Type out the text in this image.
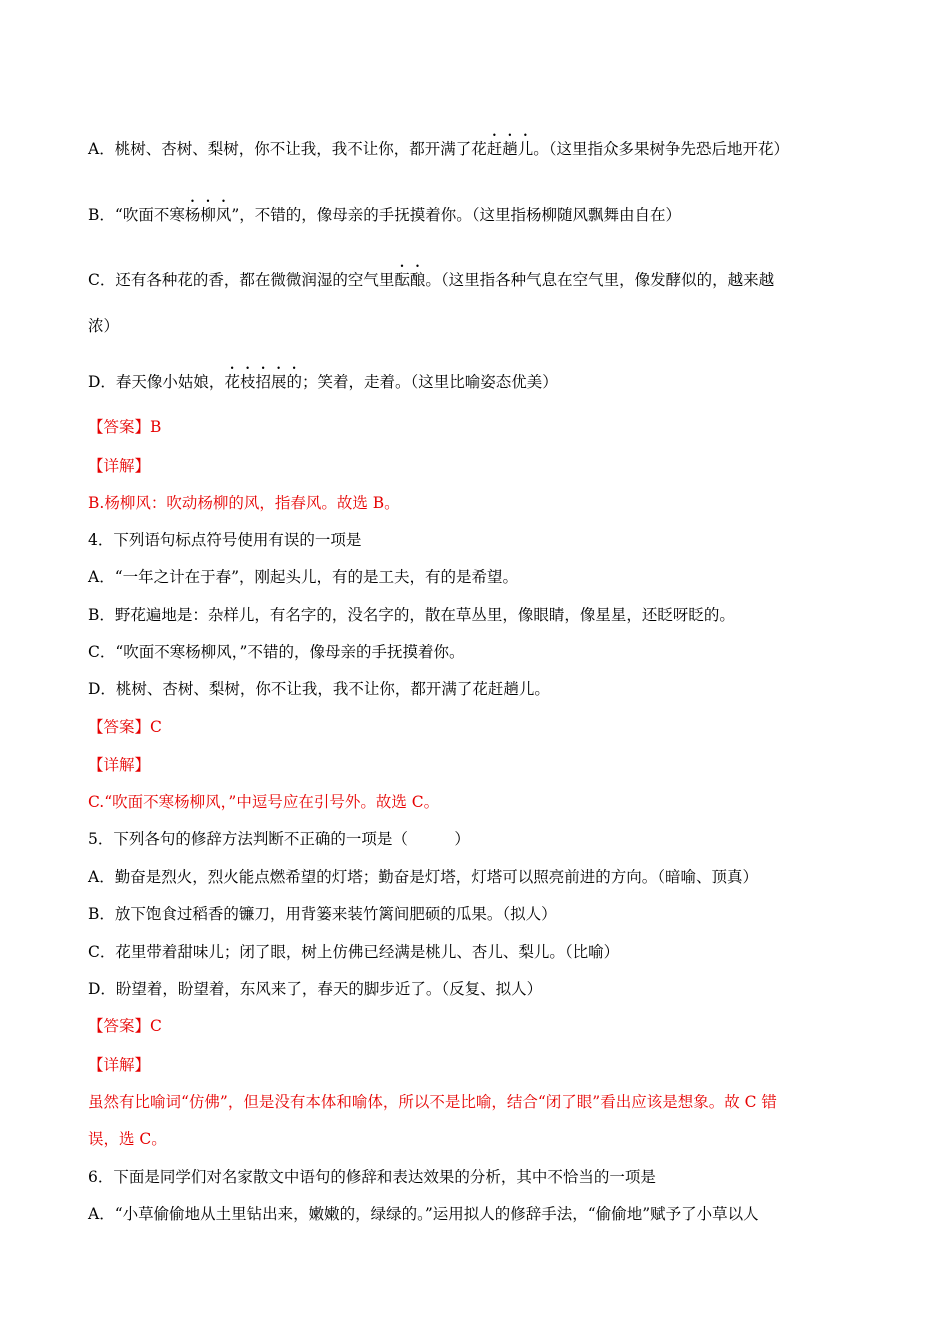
A．桃树、杏树、梨树，你不让我，我不让你，都开满了花赶趟儿。（这里指众多果树争先恐后地开花）
B．“吹面不寒杨柳风”，不错的，像母亲的手抚摸着你。（这里指杨柳随风飘舞由自在）
C．还有各种花的香，都在微微润湿的空气里酝酿。（这里指各种气息在空气里，像发酵似的，越来越
浓）
D．春天像小姑娘，花枝招展的；笑着，走着。（这里比喻姿态优美）
【答案】B
【详解】
B.杨柳风：吹动杨柳的风，指春风。故选 B。
4．下列语句标点符号使用有误的一项是
A．“一年之计在于春”，刚起头儿，有的是工夫，有的是希望。
B．野花遍地是：杂样儿，有名字的，没名字的，散在草丛里，像眼睛，像星星，还眨呀眨的。
C．“吹面不寒杨柳风，”不错的，像母亲的手抚摸着你。
D．桃树、杏树、梨树，你不让我，我不让你，都开满了花赶趟儿。
【答案】C
【详解】
C.“吹面不寒杨柳风，”中逗号应在引号外。故选 C。
5．下列各句的修辞方法判断不正确的一项是（　　　）
A．勤奋是烈火，烈火能点燃希望的灯塔；勤奋是灯塔，灯塔可以照亮前进的方向。（暗喻、顶真）
B．放下饱食过稻香的镰刀，用背篓来装竹篱间肥硕的瓜果。（拟人）
C．花里带着甜味儿；闭了眼，树上仿佛已经满是桃儿、杏儿、梨儿。（比喻）
D．盼望着，盼望着，东风来了，春天的脚步近了。（反复、拟人）
【答案】C
【详解】
虽然有比喻词“仿佛”，但是没有本体和喻体，所以不是比喻，结合“闭了眼”看出应该是想象。故 C 错
误，选 C。
6．下面是同学们对名家散文中语句的修辞和表达效果的分析，其中不恰当的一项是
A．“小草偷偷地从土里钻出来，嫩嫩的，绿绿的。”运用拟人的修辞手法，“偷偷地”赋予了小草以人
